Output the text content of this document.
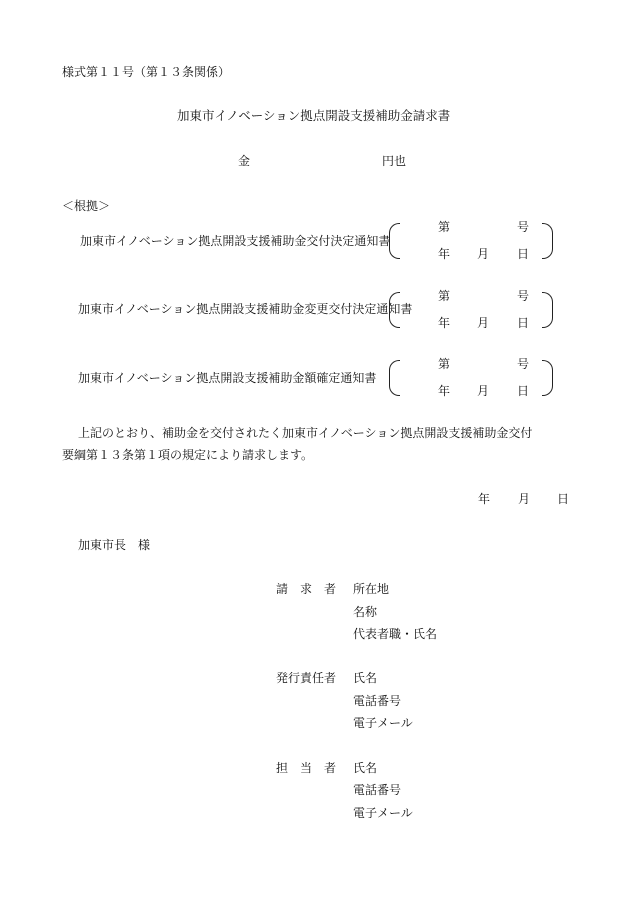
様式第１１号（第１３条関係）
加東市イノベーション拠点開設支援補助金請求書
金	円也
＜根拠＞
加東市イノベーション拠点開設支援補助金交付決定通知書
第	号
年 月 日
加東市イノベーション拠点開設支援補助金変更交付決定通知書
第	号
年 月 日
加東市イノベーション拠点開設支援補助金額確定通知書
第	号
年 月 日
上記のとおり、補助金を交付されたく加東市イノベーション拠点開設支援補助金交付
要綱第１３条第１項の規定により請求します。
年 月 日
加東市長　様
請　求　者 所在地
名称
代表者職・氏名
発行責任者 氏名
電話番号
電子メール
担　当　者 氏名
電話番号
電子メール
